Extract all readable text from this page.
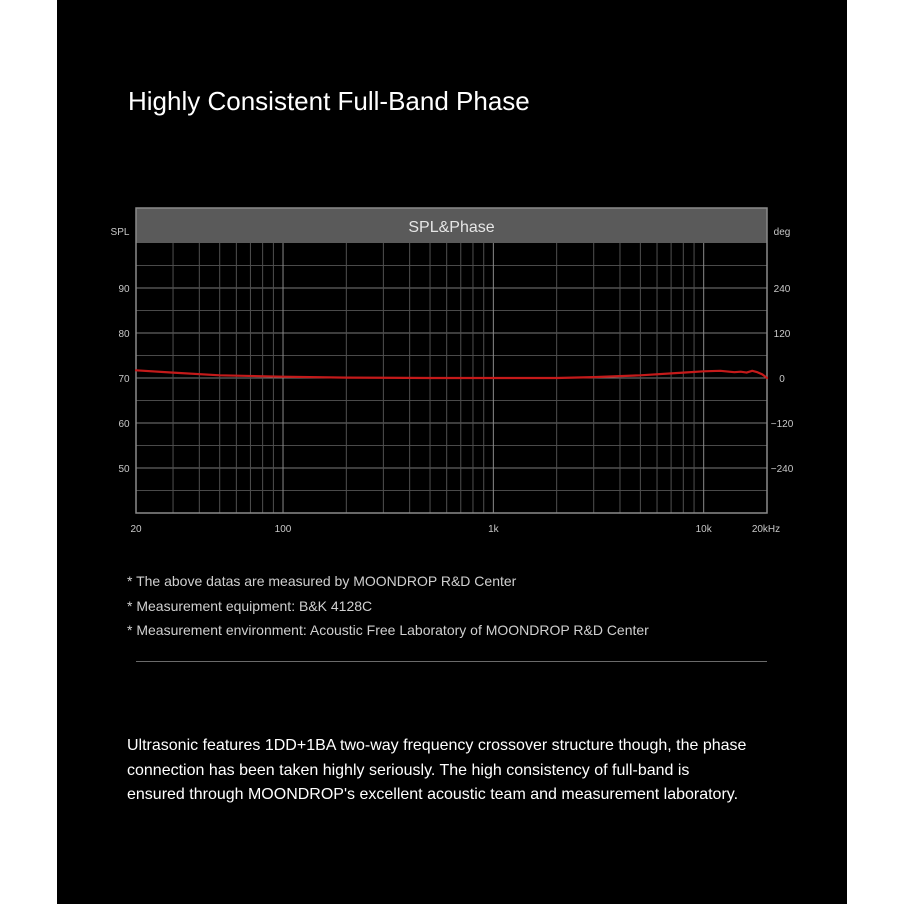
Highly Consistent Full-Band Phase
SPL&Phase
SPL	deg
90
80
70
60
50
240
120
0
−120
−240
20	100	1k	10k	20kHz
* The above datas are measured by MOONDROP R&D Center
* Measurement equipment: B&K 4128C
* Measurement environment: Acoustic Free Laboratory of MOONDROP R&D Center
Ultrasonic features 1DD+1BA two-way frequency crossover structure though, the phase
connection has been taken highly seriously. The high consistency of full-band is
ensured through MOONDROP's excellent acoustic team and measurement laboratory.
